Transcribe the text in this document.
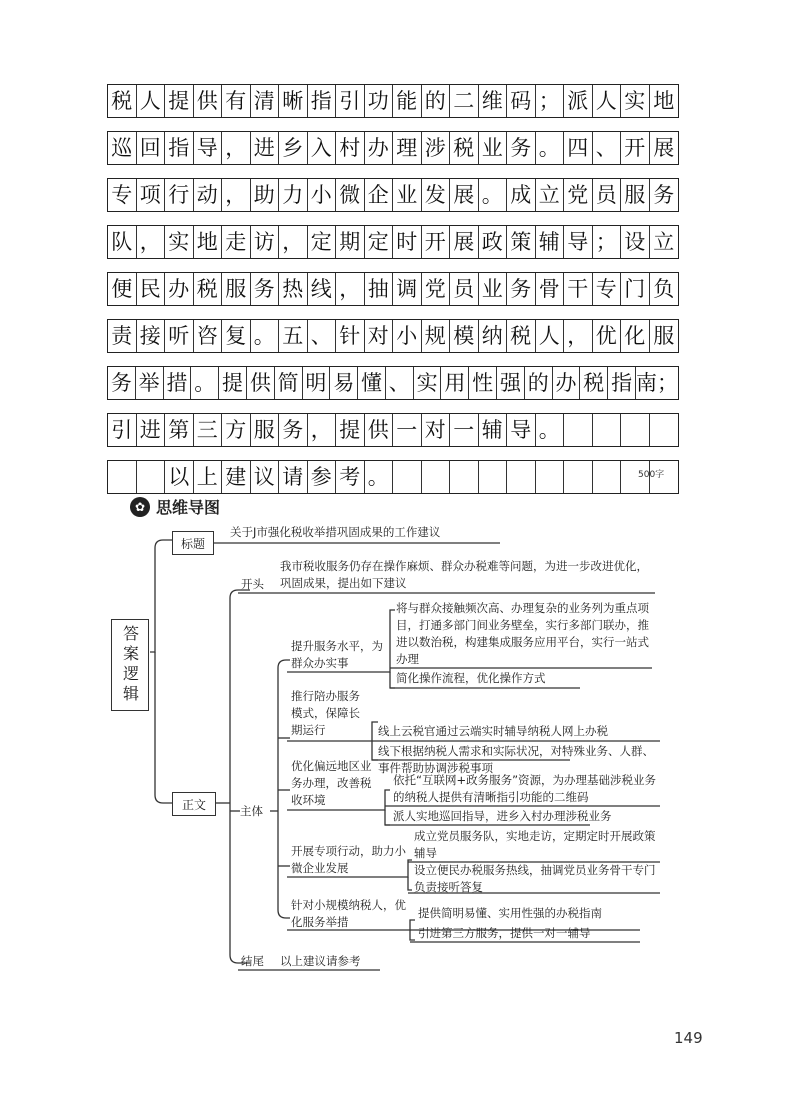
税 人 提 供 有 清 晰 指 引 功 能 的 二 维 码 ； 派 人 实 地
巡 回 指 导 ， 进 乡 入 村 办 理 涉 税 业 务 。 四 、 开 展
专 项 行 动 ， 助 力 小 微 企 业 发 展 。 成 立 党 员 服 务
队 ， 实 地 走 访 ， 定 期 定 时 开 展 政 策 辅 导 ； 设 立
便 民 办 税 服 务 热 线 ， 抽 调 党 员 业 务 骨 干 专 门 负
责 接 听 咨 复 。 五 、 针 对 小 规 模 纳 税 人 ， 优 化 服
务 举 措 。 提 供 简 明 易 懂 、 实 用 性 强 的 办 税 指 南；
引 进 第 三 方 服 务 ， 提 供 一 对 一 辅 导 。
以 上 建 议 请 参 考 。	500字
✿ 思维导图
答案逻辑
标题
关于J市强化税收举措巩固成果的工作建议
正文
开头
我市税收服务仍存在操作麻烦、群众办税难等问题，为进一步改进优化，巩固成果，提出如下建议
主体
提升服务水平，为群众办实事
将与群众接触频次高、办理复杂的业务列为重点项目，打通多部门间业务壁垒，实行多部门联办，推进以数治税，构建集成服务应用平台，实行一站式办理
简化操作流程，优化操作方式
推行陪办服务模式，保障长期运行	线上云税官通过云端实时辅导纳税人网上办税
线下根据纳税人需求和实际状况，对特殊业务、人群、事件帮助协调涉税事项
优化偏远地区业务办理，改善税收环境
依托“互联网+政务服务”资源，为办理基础涉税业务的纳税人提供有清晰指引功能的二维码
派人实地巡回指导，进乡入村办理涉税业务
开展专项行动，助力小微企业发展
成立党员服务队，实地走访，定期定时开展政策辅导
设立便民办税服务热线，抽调党员业务骨干专门负责接听答复
针对小规模纳税人，优化服务举措
提供简明易懂、实用性强的办税指南
引进第三方服务，提供一对一辅导
结尾 以上建议请参考
149
